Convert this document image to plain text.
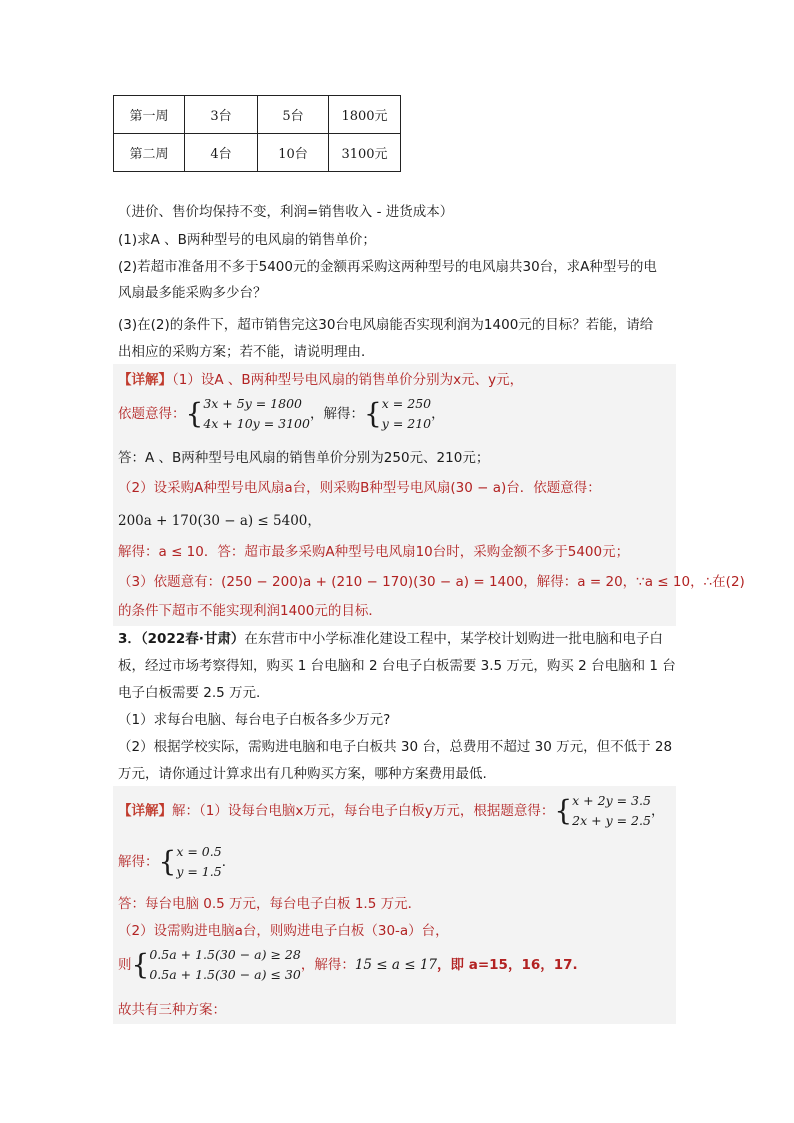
第一周	3台	5台	1800元
第二周	4台	10台	3100元
（进价、售价均保持不变，利润=销售收入 - 进货成本）
(1)求A 、B两种型号的电风扇的销售单价；
(2)若超市准备用不多于5400元的金额再采购这两种型号的电风扇共30台，求A种型号的电
风扇最多能采购多少台？
(3)在(2)的条件下，超市销售完这30台电风扇能否实现利润为1400元的目标？若能，请给
出相应的采购方案；若不能，请说明理由．
【详解】（1）设A 、B两种型号电风扇的销售单价分别为x元、y元，
依题意得：{3x + 5y = 1800
4x + 10y = 3100，解得：{x = 250
y = 210，
答：A 、B两种型号电风扇的销售单价分别为250元、210元；
（2）设采购A种型号电风扇a台，则采购B种型号电风扇(30 − a)台．依题意得：
200a + 170(30 − a) ≤ 5400，
解得：a ≤ 10．答：超市最多采购A种型号电风扇10台时，采购金额不多于5400元；
（3）依题意有：(250 − 200)a + (210 − 170)(30 − a) = 1400，解得：a = 20，∵a ≤ 10，∴在(2)
的条件下超市不能实现利润1400元的目标．
3．（2022春·甘肃）在东营市中小学标准化建设工程中，某学校计划购进一批电脑和电子白
板，经过市场考察得知，购买 1 台电脑和 2 台电子白板需要 3.5 万元，购买 2 台电脑和 1 台
电子白板需要 2.5 万元.
（1）求每台电脑、每台电子白板各多少万元?
（2）根据学校实际，需购进电脑和电子白板共 30 台，总费用不超过 30 万元，但不低于 28
万元，请你通过计算求出有几种购买方案，哪种方案费用最低.
【详解】解：（1）设每台电脑x万元，每台电子白板y万元，根据题意得：{x + 2y = 3.5
2x + y = 2.5，
解得：{x = 0.5
y = 1.5．
答：每台电脑 0.5 万元，每台电子白板 1.5 万元．
（2）设需购进电脑a台，则购进电子白板（30-a）台，
则{0.5a + 1.5(30 − a) ≥ 28
0.5a + 1.5(30 − a) ≤ 30，解得：15 ≤ a ≤ 17，即 a=15，16，17.
故共有三种方案：
